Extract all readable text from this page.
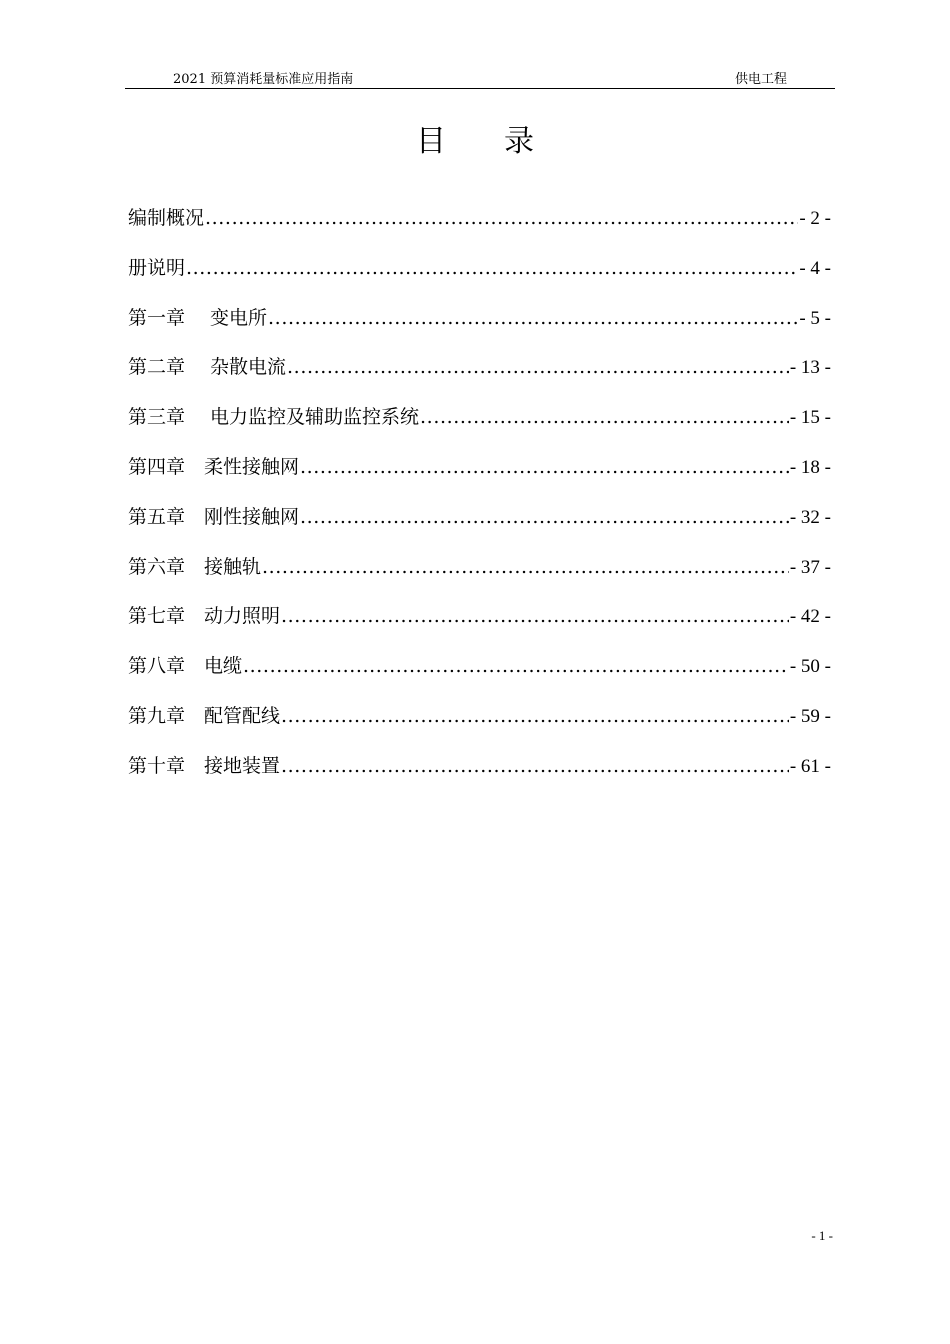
2021 预算消耗量标准应用指南	供电工程
目录
编制概况 .....	- 2 -
册说明 .....	- 4 -
第一章　 变电所 .....	- 5 -
第二章　 杂散电流 .....	- 13 -
第三章　 电力监控及辅助监控系统 .....	- 15 -
第四章　柔性接触网 .....	- 18 -
第五章　刚性接触网 .....	- 32 -
第六章　接触轨 .....	- 37 -
第七章　动力照明 .....	- 42 -
第八章　电缆 .....	- 50 -
第九章　配管配线 .....	- 59 -
第十章　接地装置 .....	- 61 -
- 1 -
